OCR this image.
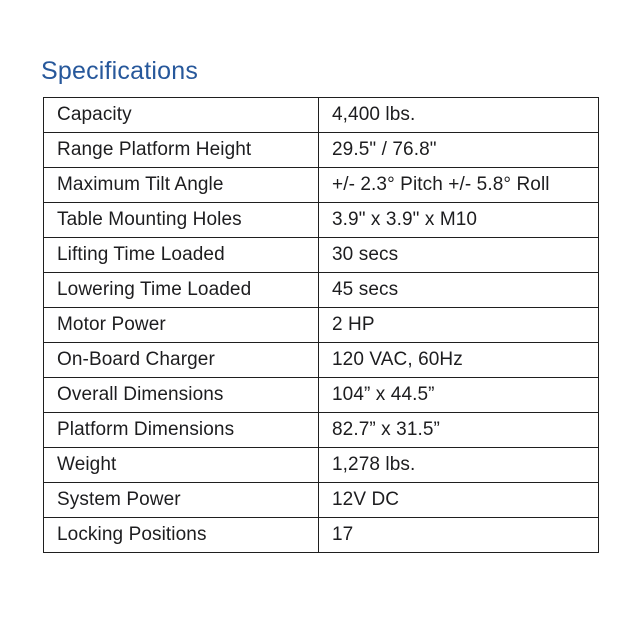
Specifications
Capacity	4,400 lbs.
Range Platform Height	29.5" / 76.8"
Maximum Tilt Angle	+/- 2.3° Pitch +/- 5.8° Roll
Table Mounting Holes	3.9" x 3.9" x M10
Lifting Time Loaded	30 secs
Lowering Time Loaded	45 secs
Motor Power	2 HP
On-Board Charger	120 VAC, 60Hz
Overall Dimensions	104” x 44.5”
Platform Dimensions	82.7” x 31.5”
Weight	1,278 lbs.
System Power	12V DC
Locking Positions	17
